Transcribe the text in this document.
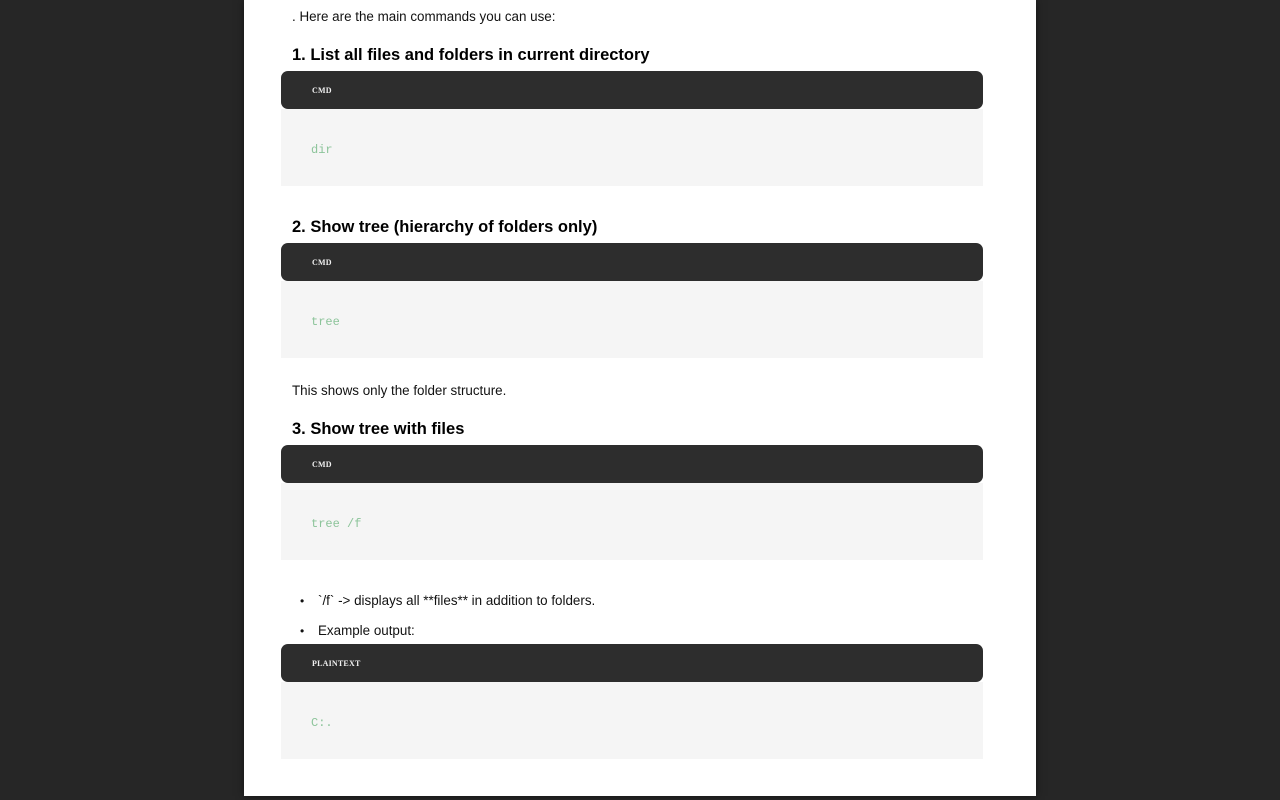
. Here are the main commands you can use:
1. List all files and folders in current directory
CMD
dir
2. Show tree (hierarchy of folders only)
CMD
tree
This shows only the folder structure.
3. Show tree with files
CMD
tree /f
• `/f` -> displays all **files** in addition to folders.
• Example output:
PLAINTEXT
C:.
